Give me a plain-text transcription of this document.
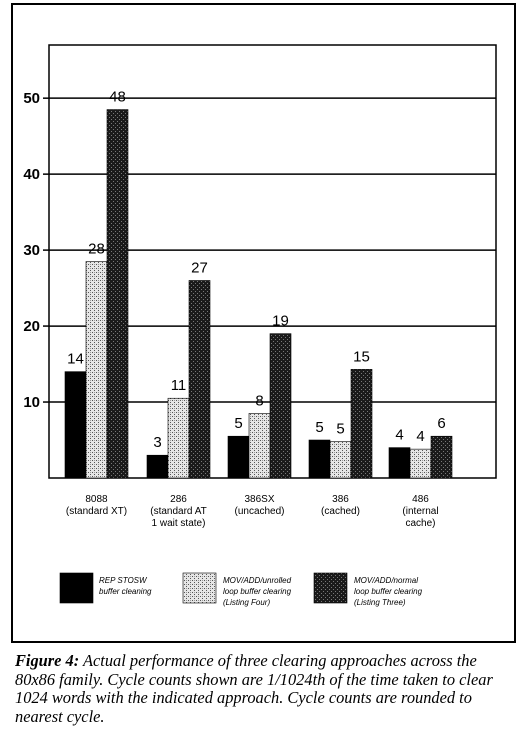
10
20
30
40
50
14
28
48
8088
(standard XT)
3
11
27
286
(standard AT
1 wait state)
5
8
19
386SX
(uncached)
5 5
15
386
(cached)
4 4
6
486
(internal
cache)
REP STOSW
buffer cleaning
MOV/ADD/unrolled
loop buffer clearing
(Listing Four)
MOV/ADD/normal
loop buffer clearing
(Listing Three)
Figure 4: Actual performance of three clearing approaches across the 80x86 family. Cycle counts shown are 1/1024th of the time taken to clear 1024 words with the indicated approach. Cycle counts are rounded to nearest cycle.
